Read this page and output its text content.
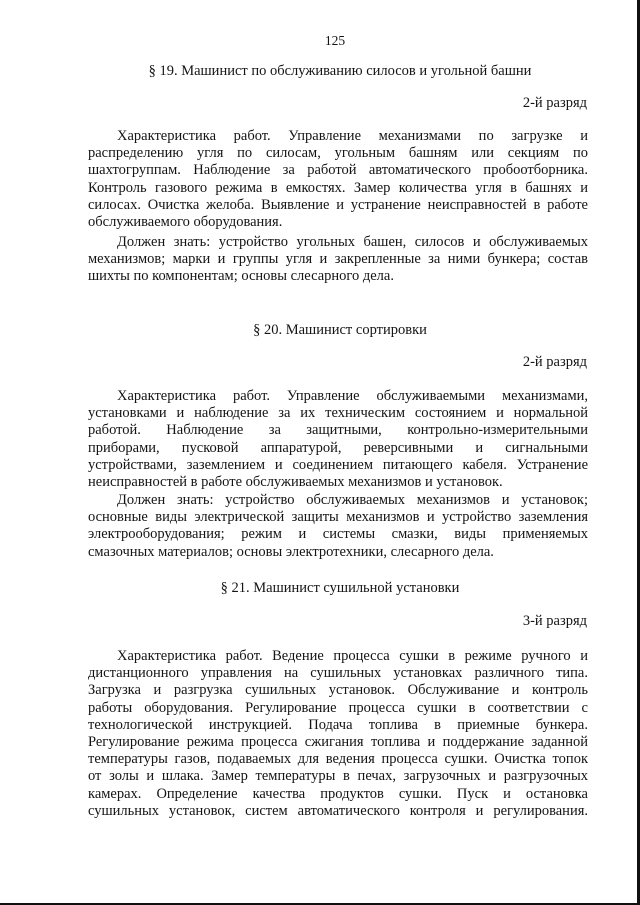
125
§ 19. Машинист по обслуживанию силосов и угольной башни
2-й разряд

Характеристика работ. Управление механизмами по загрузке и
распределению угля по силосам, угольным башням или секциям по
шахтогруппам. Наблюдение за работой автоматического пробоотборника.
Контроль газового режима в емкостях. Замер количества угля в башнях и
силосах. Очистка желоба. Выявление и устранение неисправностей в работе
обслуживаемого оборудования.

Должен знать: устройство угольных башен, силосов и обслуживаемых
механизмов; марки и группы угля и закрепленные за ними бункера; состав
шихты по компонентам; основы слесарного дела.

§ 20. Машинист сортировки
2-й разряд

Характеристика работ. Управление обслуживаемыми механизмами,
установками и наблюдение за их техническим состоянием и нормальной
работой. Наблюдение за защитными, контрольно-измерительными
приборами, пусковой аппаратурой, реверсивными и сигнальными
устройствами, заземлением и соединением питающего кабеля. Устранение
неисправностей в работе обслуживаемых механизмов и установок.

Должен знать: устройство обслуживаемых механизмов и установок;
основные виды электрической защиты механизмов и устройство заземления
электрооборудования; режим и системы смазки, виды применяемых
смазочных материалов; основы электротехники, слесарного дела.

§ 21. Машинист сушильной установки
3-й разряд

Характеристика работ. Ведение процесса сушки в режиме ручного и
дистанционного управления на сушильных установках различного типа.
Загрузка и разгрузка сушильных установок. Обслуживание и контроль
работы оборудования. Регулирование процесса сушки в соответствии с
технологической инструкцией. Подача топлива в приемные бункера.
Регулирование режима процесса сжигания топлива и поддержание заданной
температуры газов, подаваемых для ведения процесса сушки. Очистка топок
от золы и шлака. Замер температуры в печах, загрузочных и разгрузочных
камерах. Определение качества продуктов сушки. Пуск и остановка
сушильных установок, систем автоматического контроля и регулирования.
